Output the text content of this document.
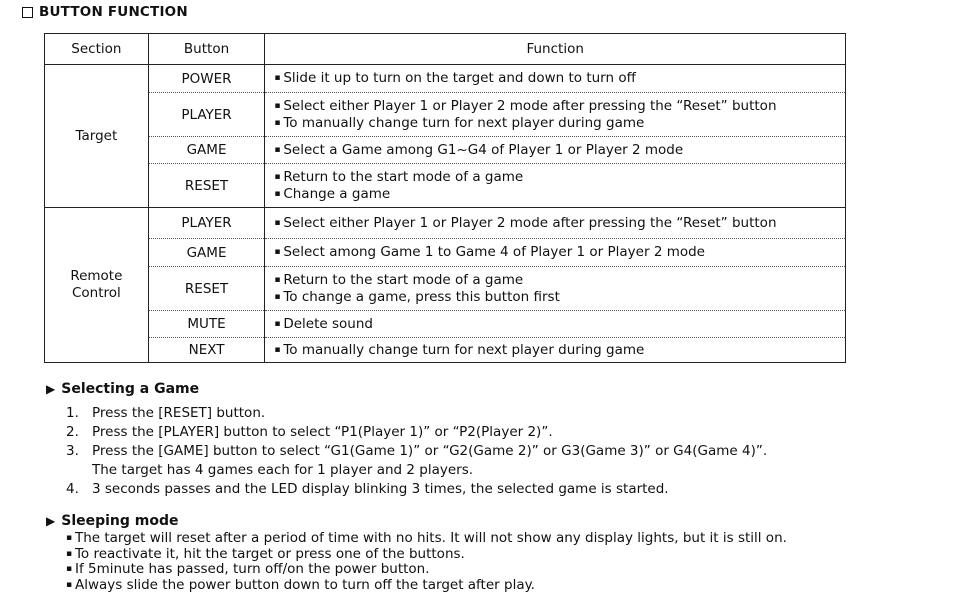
BUTTON FUNCTION
Section	Button	Function
Target	POWER	▪ Slide it up to turn on the target and down to turn off

	PLAYER	▪ Select either Player 1 or Player 2 mode after pressing the “Reset” button
▪ To manually change turn for next player during game

	GAME	▪ Select a Game among G1~G4 of Player 1 or Player 2 mode

	RESET	▪ Return to the start mode of a game
▪ Change a game

Remote
Control	PLAYER	▪ Select either Player 1 or Player 2 mode after pressing the “Reset” button

	GAME	▪ Select among Game 1 to Game 4 of Player 1 or Player 2 mode

	RESET	▪ Return to the start mode of a game
▪ To change a game, press this button first

	MUTE	▪ Delete sound

	NEXT	▪ To manually change turn for next player during game
▶ Selecting a Game
1. Press the [RESET] button.
2. Press the [PLAYER] button to select “P1(Player 1)” or “P2(Player 2)”.
3. Press the [GAME] button to select “G1(Game 1)” or “G2(Game 2)” or G3(Game 3)” or G4(Game 4)”.
The target has 4 games each for 1 player and 2 players.
4. 3 seconds passes and the LED display blinking 3 times, the selected game is started.
▶ Sleeping mode
▪ The target will reset after a period of time with no hits. It will not show any display lights, but it is still on.
▪ To reactivate it, hit the target or press one of the buttons.
▪ If 5minute has passed, turn off/on the power button.
▪ Always slide the power button down to turn off the target after play.
